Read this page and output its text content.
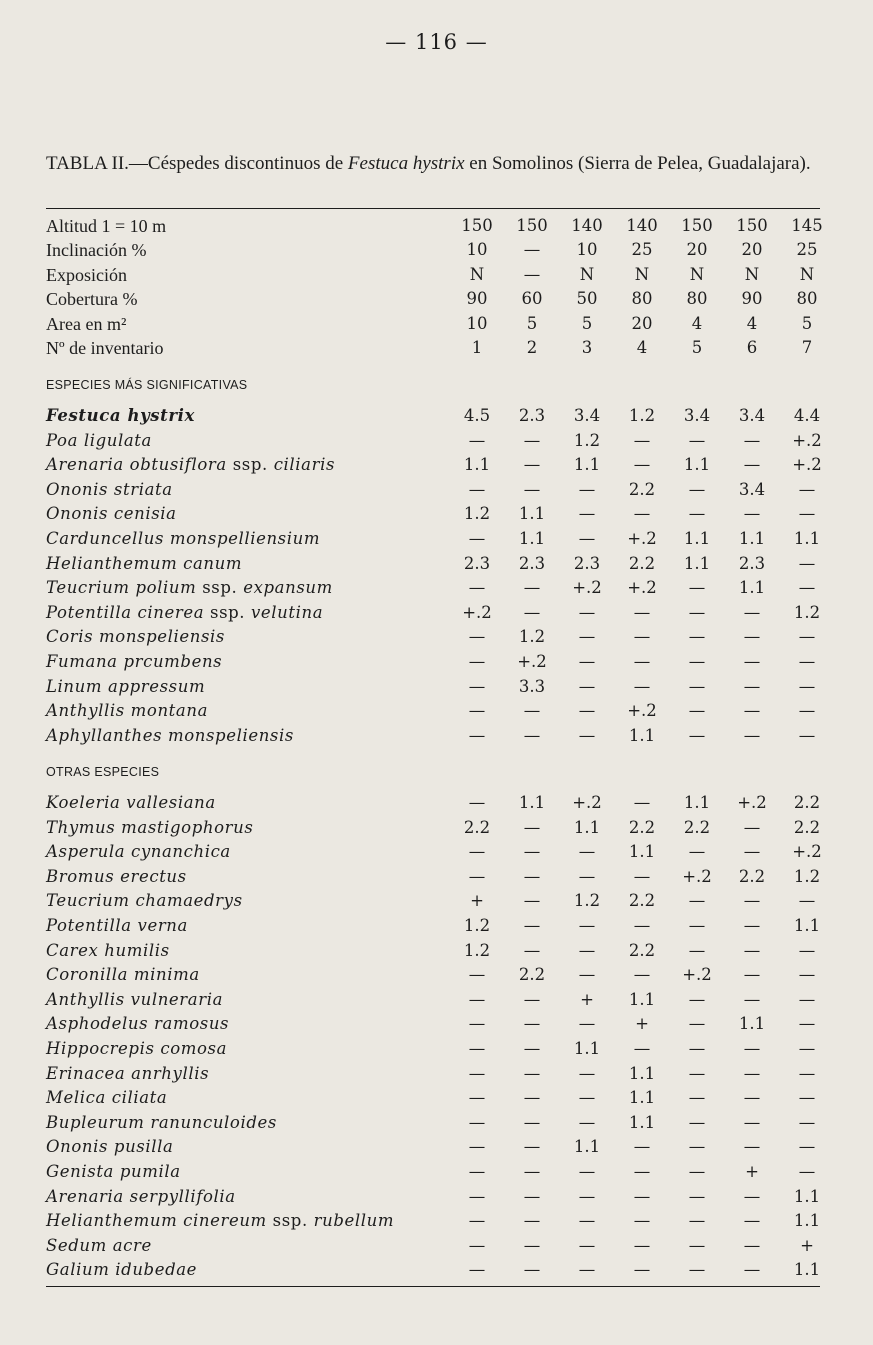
— 116 —
TABLA II.—Céspedes discontinuos de Festuca hystrix en Somolinos (Sierra de Pelea, Guadalajara).
Altitud 1 = 10 m	150	150	140	140	150	150	145
Inclinación %	10	—	10	25	20	20	25
Exposición	N	—	N	N	N	N	N
Cobertura %	90	60	50	80	80	90	80
Area en m²	10	5	5	20	4	4	5
Nº de inventario	1	2	3	4	5	6	7
ESPECIES MÁS SIGNIFICATIVAS
Festuca hystrix	4.5	2.3	3.4	1.2	3.4	3.4	4.4
Poa ligulata	—	—	1.2	—	—	—	+.2
Arenaria obtusiflora ssp. ciliaris	1.1	—	1.1	—	1.1	—	+.2
Ononis striata	—	—	—	2.2	—	3.4	—
Ononis cenisia	1.2	1.1	—	—	—	—	—
Carduncellus monspelliensium	—	1.1	—	+.2	1.1	1.1	1.1
Helianthemum canum	2.3	2.3	2.3	2.2	1.1	2.3	—
Teucrium polium ssp. expansum	—	—	+.2	+.2	—	1.1	—
Potentilla cinerea ssp. velutina	+.2	—	—	—	—	—	1.2
Coris monspeliensis	—	1.2	—	—	—	—	—
Fumana prcumbens	—	+.2	—	—	—	—	—
Linum appressum	—	3.3	—	—	—	—	—
Anthyllis montana	—	—	—	+.2	—	—	—
Aphyllanthes monspeliensis	—	—	—	1.1	—	—	—
OTRAS ESPECIES
Koeleria vallesiana	—	1.1	+.2	—	1.1	+.2	2.2
Thymus mastigophorus	2.2	—	1.1	2.2	2.2	—	2.2
Asperula cynanchica	—	—	—	1.1	—	—	+.2
Bromus erectus	—	—	—	—	+.2	2.2	1.2
Teucrium chamaedrys	+	—	1.2	2.2	—	—	—
Potentilla verna	1.2	—	—	—	—	—	1.1
Carex humilis	1.2	—	—	2.2	—	—	—
Coronilla minima	—	2.2	—	—	+.2	—	—
Anthyllis vulneraria	—	—	+	1.1	—	—	—
Asphodelus ramosus	—	—	—	+	—	1.1	—
Hippocrepis comosa	—	—	1.1	—	—	—	—
Erinacea anrhyllis	—	—	—	1.1	—	—	—
Melica ciliata	—	—	—	1.1	—	—	—
Bupleurum ranunculoides	—	—	—	1.1	—	—	—
Ononis pusilla	—	—	1.1	—	—	—	—
Genista pumila	—	—	—	—	—	+	—
Arenaria serpyllifolia	—	—	—	—	—	—	1.1
Helianthemum cinereum ssp. rubellum	—	—	—	—	—	—	1.1
Sedum acre	—	—	—	—	—	—	+
Galium idubedae	—	—	—	—	—	—	1.1
